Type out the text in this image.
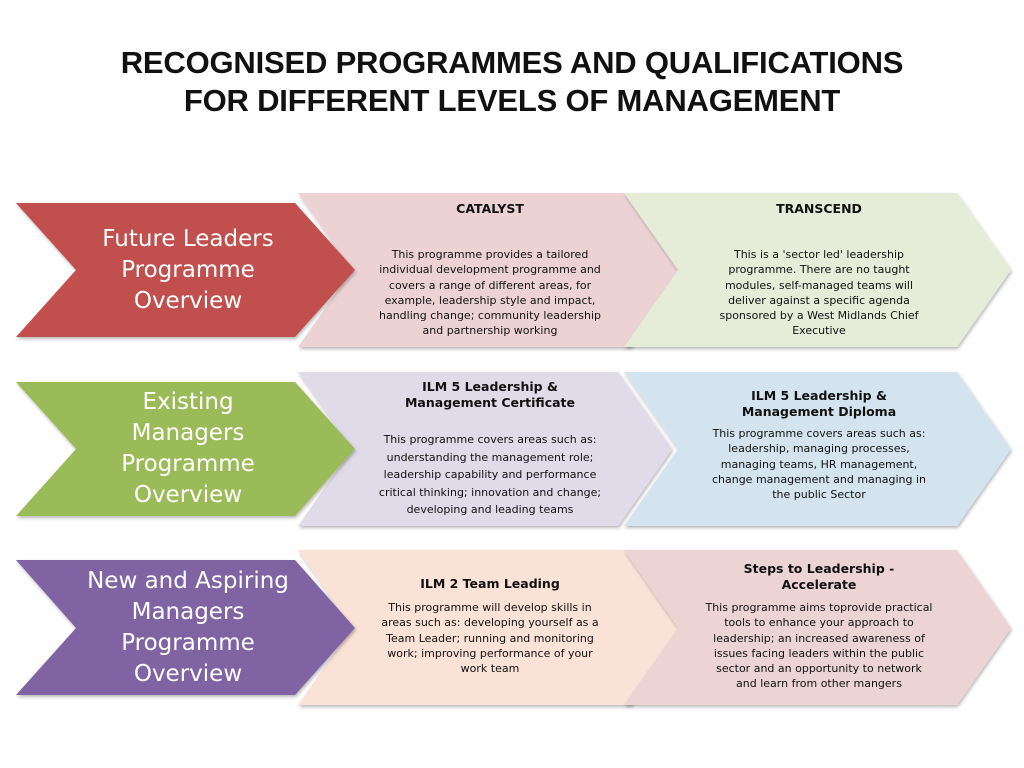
RECOGNISED PROGRAMMES AND QUALIFICATIONS
FOR DIFFERENT LEVELS OF MANAGEMENT
Future Leaders Programme Overview
Existing Managers Programme Overview
New and Aspiring Managers Programme Overview
CATALYST
This programme provides a tailored individual development programme and covers a range of different areas, for example, leadership style and impact, handling change; community leadership and partnership working
TRANSCEND
This is a 'sector led' leadership programme. There are no taught modules, self-managed teams will deliver against a specific agenda sponsored by a West Midlands Chief Executive
ILM 5 Leadership & Management Certificate
This programme covers areas such as: understanding the management role; leadership capability and performance critical thinking; innovation and change; developing and leading teams
ILM 5 Leadership & Management Diploma
This programme covers areas such as: leadership, managing processes, managing teams, HR management, change management and managing in the public Sector
ILM 2 Team Leading
This programme will develop skills in areas such as: developing yourself as a Team Leader; running and monitoring work; improving performance of your work team
Steps to Leadership - Accelerate
This programme aims toprovide practical tools to enhance your approach to leadership; an increased awareness of issues facing leaders within the public sector and an opportunity to network and learn from other mangers
